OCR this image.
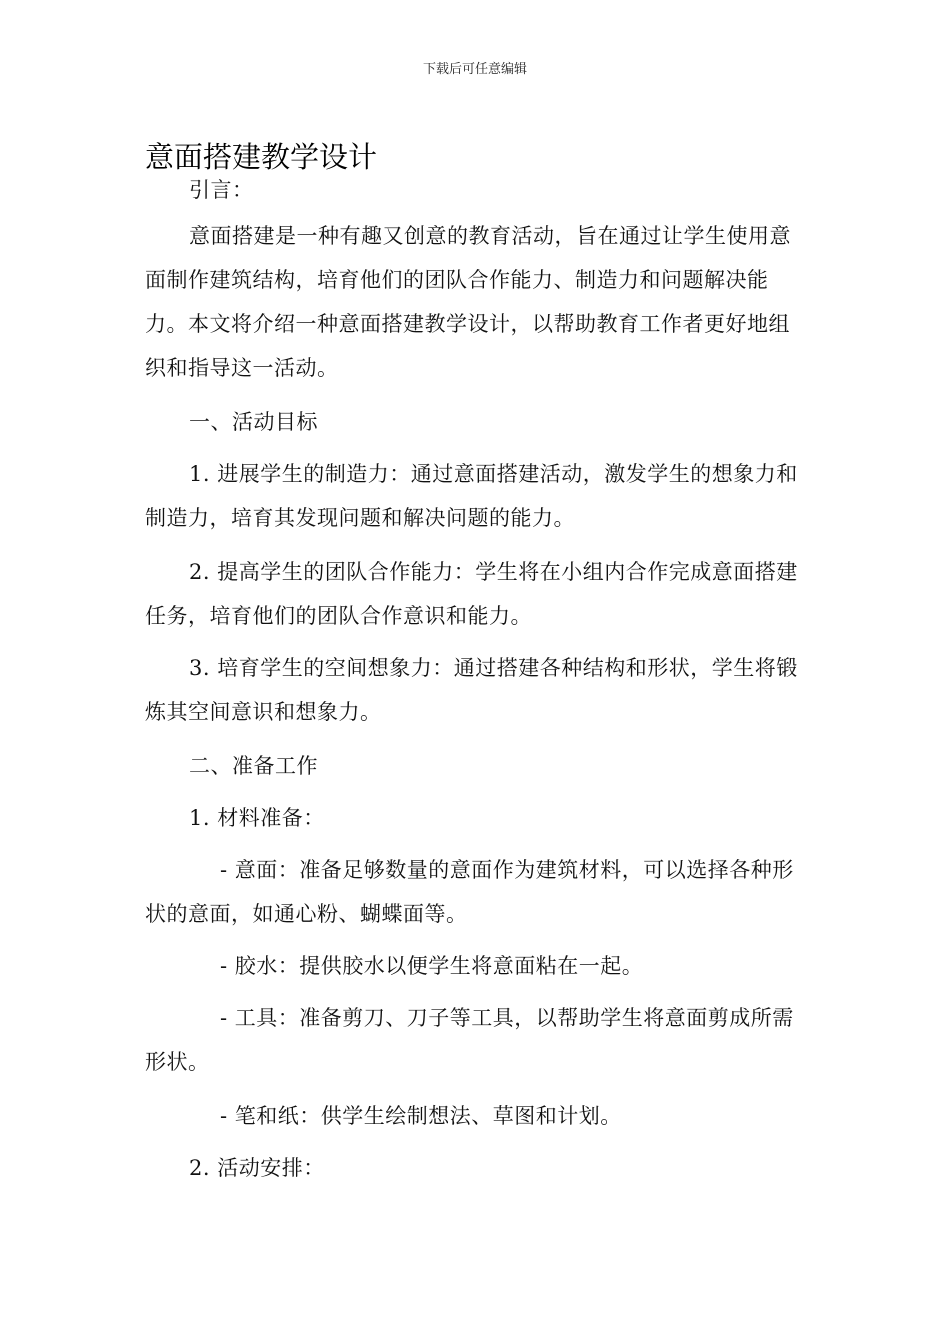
下载后可任意编辑
意面搭建教学设计

引言：

意面搭建是一种有趣又创意的教育活动，旨在通过让学生使用意面制作建筑结构，培育他们的团队合作能力、制造力和问题解决能力。本文将介绍一种意面搭建教学设计，以帮助教育工作者更好地组织和指导这一活动。

一、活动目标

1. 进展学生的制造力：通过意面搭建活动，激发学生的想象力和制造力，培育其发现问题和解决问题的能力。

2. 提高学生的团队合作能力：学生将在小组内合作完成意面搭建任务，培育他们的团队合作意识和能力。

3. 培育学生的空间想象力：通过搭建各种结构和形状，学生将锻炼其空间意识和想象力。

二、准备工作

1. 材料准备：

- 意面：准备足够数量的意面作为建筑材料，可以选择各种形状的意面，如通心粉、蝴蝶面等。

- 胶水：提供胶水以便学生将意面粘在一起。

- 工具：准备剪刀、刀子等工具，以帮助学生将意面剪成所需形状。

- 笔和纸：供学生绘制想法、草图和计划。

2. 活动安排：
